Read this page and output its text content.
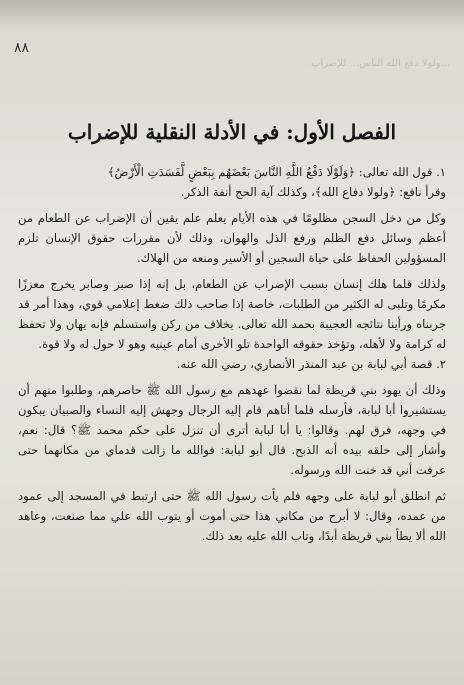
٨٨
...ولولا دفع الله الناس... للإضراب
الفصل الأول: في الأدلة النقلية للإضراب

١. قول الله تعالى: ﴿وَلَوْلَا دَفْعُ اللَّهِ النَّاسَ بَعْضَهُم بِبَعْضٍ لَّفَسَدَتِ الْأَرْضُ﴾

وقرأ نافع: ﴿ولولا دفاع الله﴾، وكذلك آية الحج أنفة الذكر.

وكل من دخل السجن مظلومًا في هذه الأيام يعلم علم يقين أن الإضراب عن الطعام من أعظم وسائل دفع الظلم ورفع الذل والهوان، وذلك لأن مقررات حقوق الإنسان تلزم المسؤولين الحفاظ على حياة السجين أو الأسير ومنعه من الهلاك.

ولذلك قلما هلك إنسان بسبب الإضراب عن الطعام، بل إنه إذا صبر وصابر يخرج معززًا مكرمًا وتلبى له الكثير من الطلبات، خاصة إذا صاحب ذلك ضغط إعلامي قوي، وهذا أمر قد جربناه ورأينا نتائجه العجيبة بحمد الله تعالى. بخلاف من ركن واستسلم فإنه يهان ولا تحفظ له كرامة ولا لأهله، وتؤخذ حقوقه الواحدة تلو الأخرى أمام عينيه وهو لا حول له ولا قوة.

٢. قصة أبي لبابة بن عبد المنذر الأنصاري، رضي الله عنه.

وذلك أن يهود بني قريظة لما نقضوا عهدهم مع رسول الله ﷺ حاصرهم، وطلبوا منهم أن يستشيروا أبا لبابة، فأرسله فلما أتاهم قام إليه الرجال وجهش إليه النساء والصبيان يبكون في وجهه، فرق لهم. وقالوا: يا أبا لبابة أترى أن تنزل على حكم محمد ﷺ؟ قال: نعم، وأشار إلى حلقه بيده أنه الذبح. قال أبو لبابة: فوالله ما زالت قدماي من مكانهما حتى عرفت أني قد خنت الله ورسوله.

ثم انطلق أبو لبابة على وجهه فلم يأت رسول الله ﷺ حتى ارتبط في المسجد إلى عمود من عمده، وقال: لا أبرح من مكاني هذا حتى أموت أو يتوب الله علي مما صنعت، وعاهد الله ألا يطأ بني قريظة أبدًا، وتاب الله عليه بعد ذلك.
